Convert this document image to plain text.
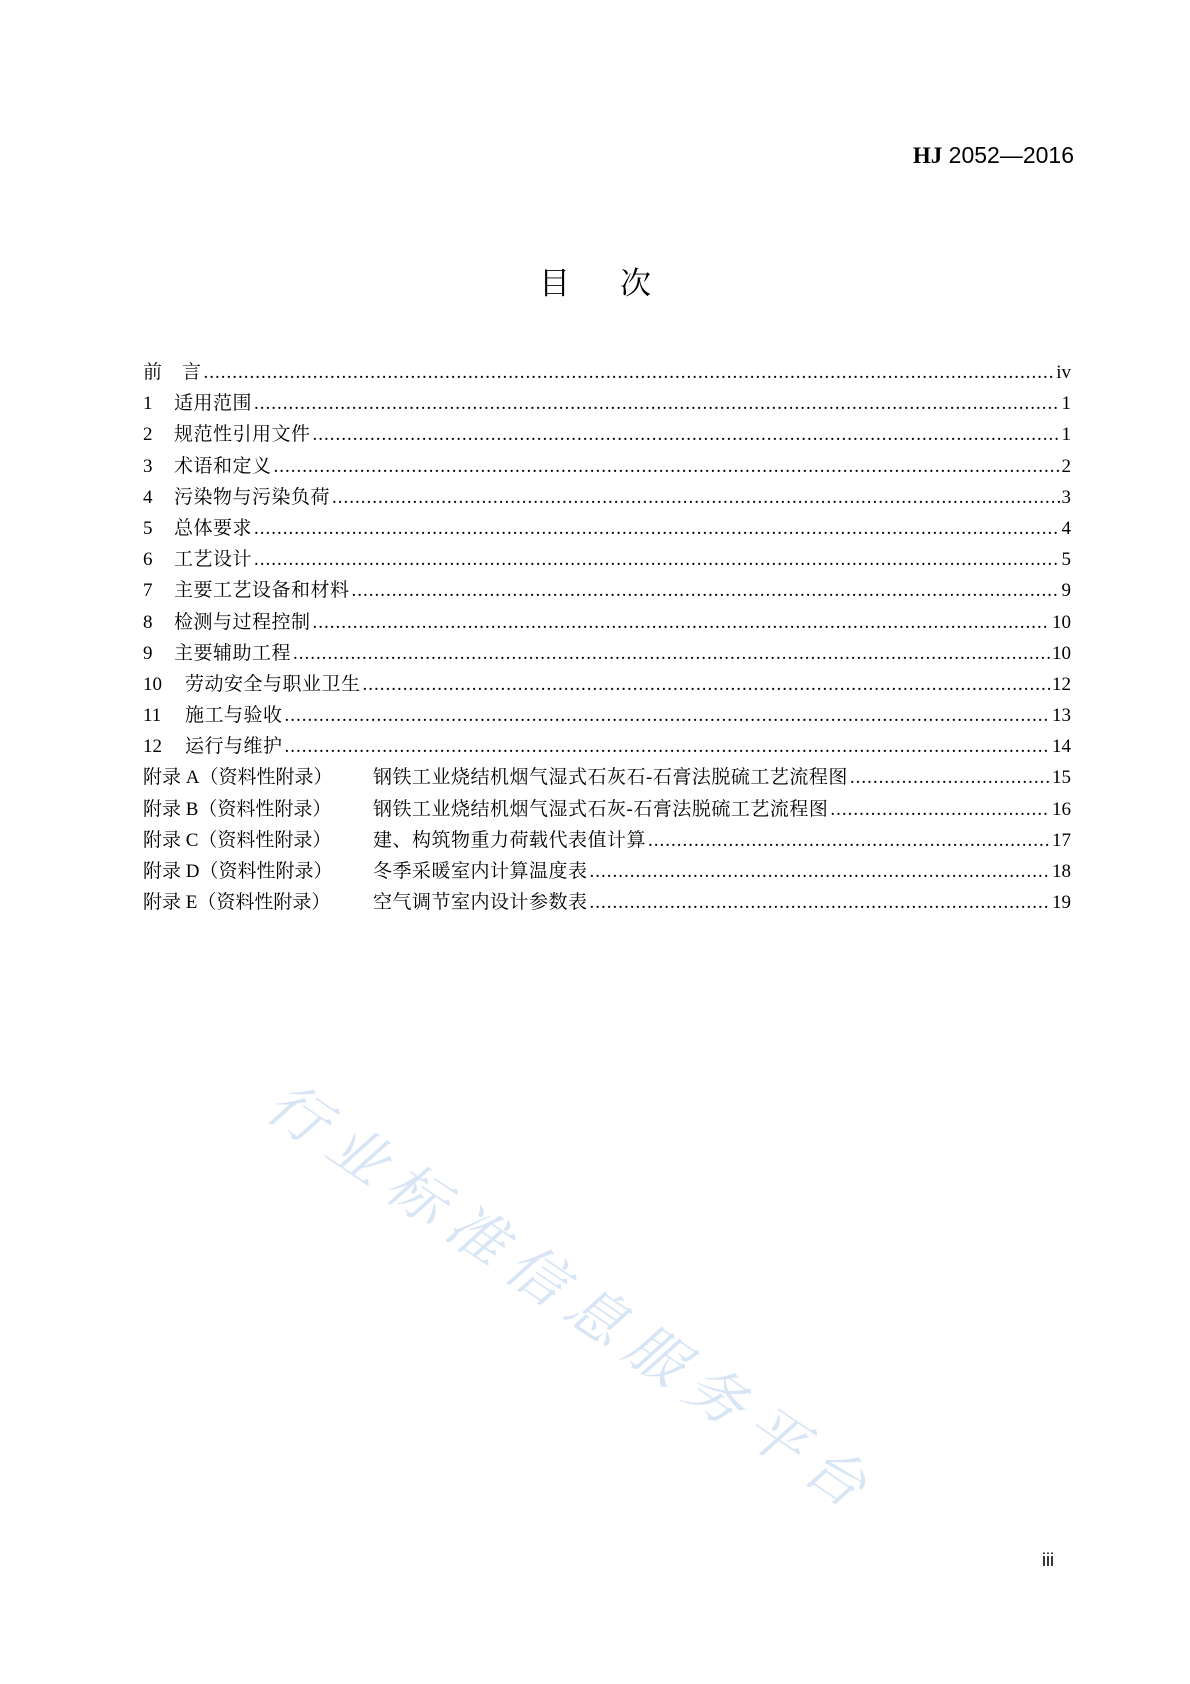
HJ 2052—2016
目次
前　言 .....	iv
1	适用范围 .....	1
2	规范性引用文件 .....	1
3	术语和定义 .....	2
4	污染物与污染负荷 .....	3
5	总体要求 .....	4
6	工艺设计 .....	5
7	主要工艺设备和材料 .....	9
8	检测与过程控制 .....	10
9	主要辅助工程 .....	10
10	劳动安全与职业卫生 .....	12
11	施工与验收 .....	13
12	运行与维护 .....	14
附录 A（资料性附录）	钢铁工业烧结机烟气湿式石灰石-石膏法脱硫工艺流程图 .....	15
附录 B（资料性附录）	钢铁工业烧结机烟气湿式石灰-石膏法脱硫工艺流程图 .....	16
附录 C（资料性附录）	建、构筑物重力荷载代表值计算 .....	17
附录 D（资料性附录）	冬季采暖室内计算温度表 .....	18
附录 E（资料性附录）	空气调节室内设计参数表 .....	19
行业标准信息服务平台
iii
